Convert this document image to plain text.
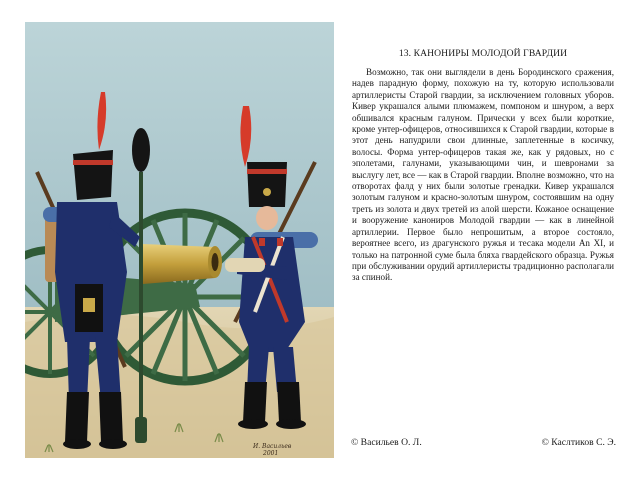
И. Васильев
2001
13. КАНОНИРЫ МОЛОДОЙ ГВАРДИИ

Возможно, так они выглядели в день Бородинского сражения, надев парадную форму, похожую на ту, которую использовали артиллеристы Старой гвардии, за исключением головных уборов. Кивер украшался алыми плюмажем, помпоном и шнуром, а верх обшивался красным галуном. Прически у всех были короткие, кроме унтер-офицеров, относившихся к Старой гвардии, которые в этот день напудрили свои длинные, заплетенные в косичку, волосы. Форма унтер-офицеров такая же, как у рядовых, но с эполетами, галунами, указывающими чин, и шевронами за выслугу лет, все — как в Старой гвардии. Вполне возможно, что на отворотах фалд у них были золотые гренадки. Кивер украшался золотым галуном и красно-золотым шнуром, состоявшим на одну треть из золота и двух третей из алой шерсти. Кожаное оснащение и вооружение канониров Молодой гвардии — как в линейной артиллерии. Первое было непрошитым, а второе состояло, вероятнее всего, из драгунского ружья и тесака модели An XI, и только на патронной суме была бляха гвардейского образца. Ружья при обслуживании орудий артиллеристы традиционно располагали за спиной.

© Васильев О. Л.	© Каслтиков С. Э.
